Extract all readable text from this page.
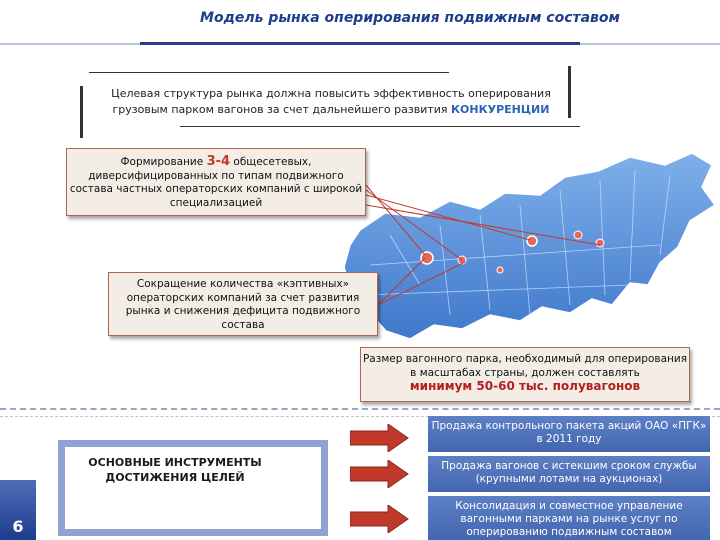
Модель рынка оперирования подвижным составом
Целевая структура рынка должна повысить эффективность оперирования грузовым парком вагонов за счет дальнейшего развития КОНКУРЕНЦИИ
Формирование 3-4 общесетевых, диверсифицированных по типам подвижного состава частных операторских компаний с широкой специализацией
Сокращение количества «кэптивных» операторских компаний за счет развития рынка и снижения дефицита подвижного состава
Размер вагонного парка, необходимый для оперирования в масштабах страны, должен составлять
минимум 50-60 тыс. полувагонов
ОСНОВНЫЕ ИНСТРУМЕНТЫ ДОСТИЖЕНИЯ ЦЕЛЕЙ
6
Продажа контрольного пакета акций ОАО «ПГК» в 2011 году
Продажа вагонов с истекшим сроком службы (крупными лотами на аукционах)
Консолидация и совместное управление вагонными парками на рынке услуг по оперированию подвижным составом
